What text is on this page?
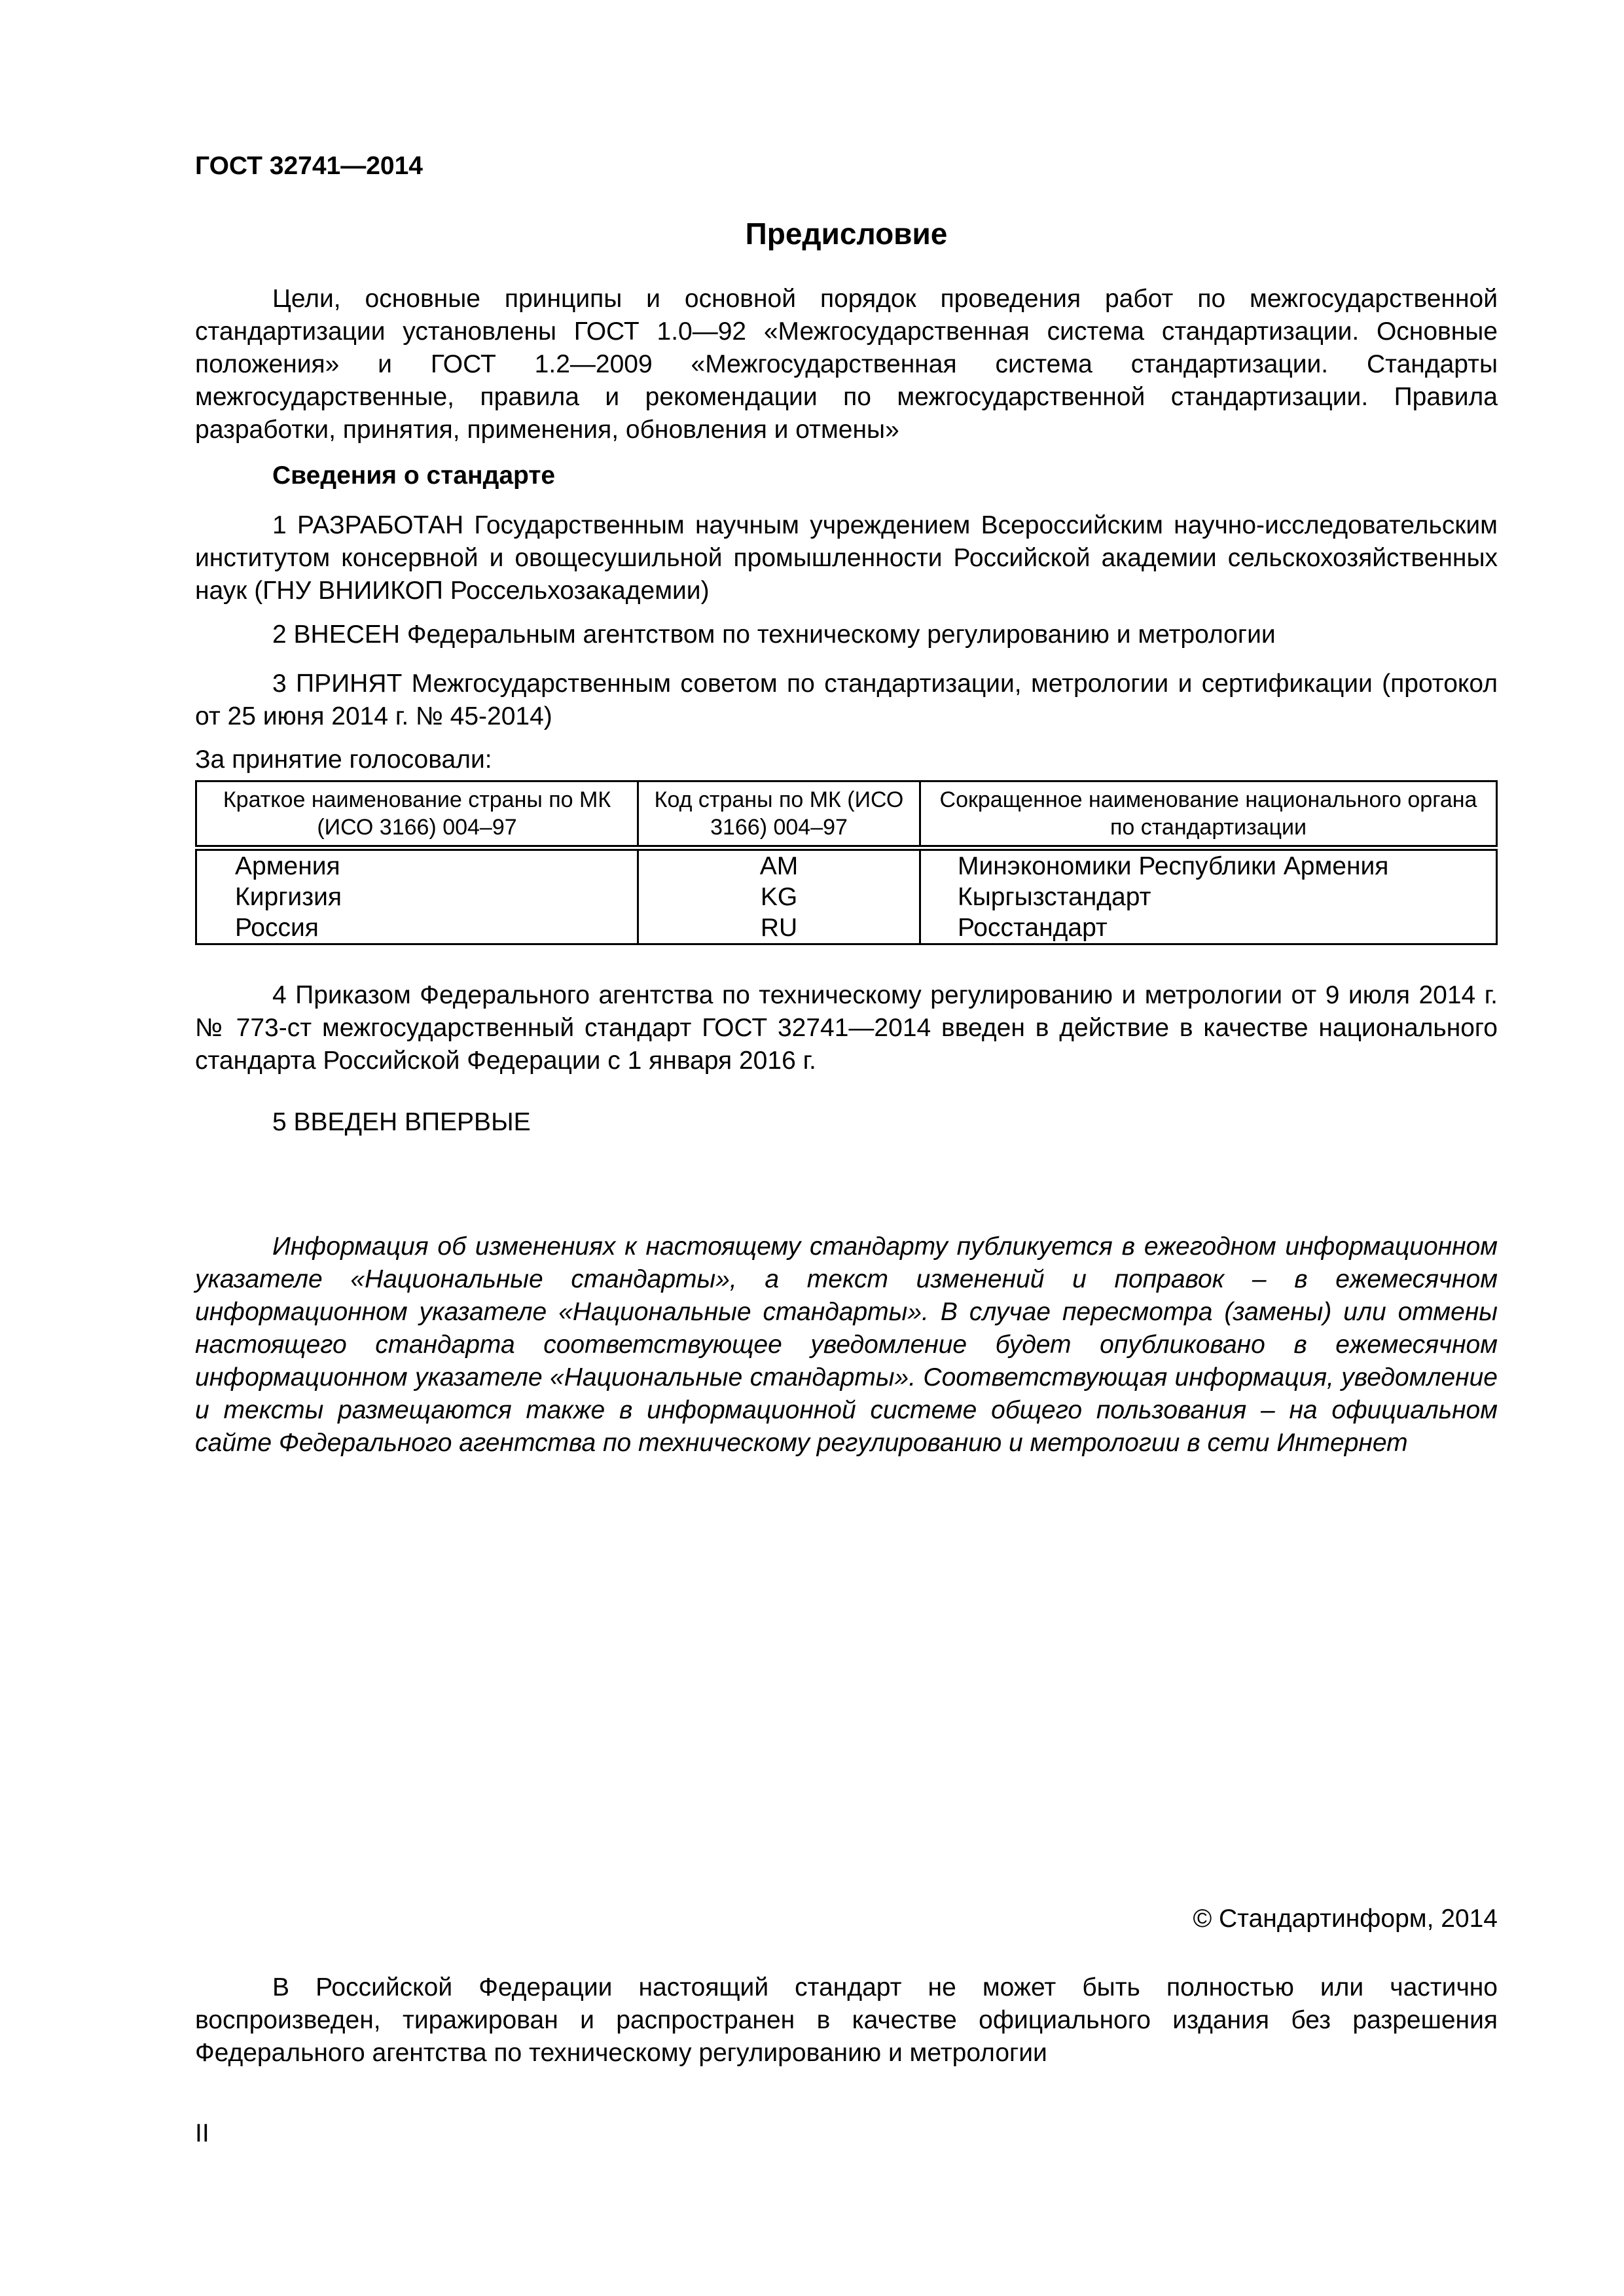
ГОСТ 32741—2014
Предисловие

Цели, основные принципы и основной порядок проведения работ по межгосударственной стандартизации установлены ГОСТ 1.0—92 «Межгосударственная система стандартизации. Основные положения» и ГОСТ 1.2—2009 «Межгосударственная система стандартизации. Стандарты межгосударственные, правила и рекомендации по межгосударственной стандартизации. Правила разработки, принятия, применения, обновления и отмены»

Сведения о стандарте

1 РАЗРАБОТАН Государственным научным учреждением Всероссийским научно-исследовательским институтом консервной и овощесушильной промышленности Российской академии сельскохозяйственных наук (ГНУ ВНИИКОП Россельхозакадемии)

2 ВНЕСЕН Федеральным агентством по техническому регулированию и метрологии

3 ПРИНЯТ Межгосударственным советом по стандартизации, метрологии и сертификации (протокол от 25 июня 2014 г. № 45-2014)

За принятие голосовали:

Краткое наименование страны по МК (ИСО 3166) 004–97	Код страны по МК (ИСО 3166) 004–97	Сокращенное наименование национального органа по стандартизации
Армения	AM	Минэкономики Республики Армения
Киргизия	KG	Кыргызстандарт
Россия	RU	Росстандарт

4 Приказом Федерального агентства по техническому регулированию и метрологии от 9 июля 2014 г. № 773-ст межгосударственный стандарт ГОСТ 32741—2014 введен в действие в качестве национального стандарта Российской Федерации с 1 января 2016 г.

5 ВВЕДЕН ВПЕРВЫЕ

Информация об изменениях к настоящему стандарту публикуется в ежегодном информационном указателе «Национальные стандарты», а текст изменений и поправок – в ежемесячном информационном указателе «Национальные стандарты». В случае пересмотра (замены) или отмены настоящего стандарта соответствующее уведомление будет опубликовано в ежемесячном информационном указателе «Национальные стандарты». Соответствующая информация, уведомление и тексты размещаются также в информационной системе общего пользования – на официальном сайте Федерального агентства по техническому регулированию и метрологии в сети Интернет

© Стандартинформ, 2014

В Российской Федерации настоящий стандарт не может быть полностью или частично воспроизведен, тиражирован и распространен в качестве официального издания без разрешения Федерального агентства по техническому регулированию и метрологии

II
